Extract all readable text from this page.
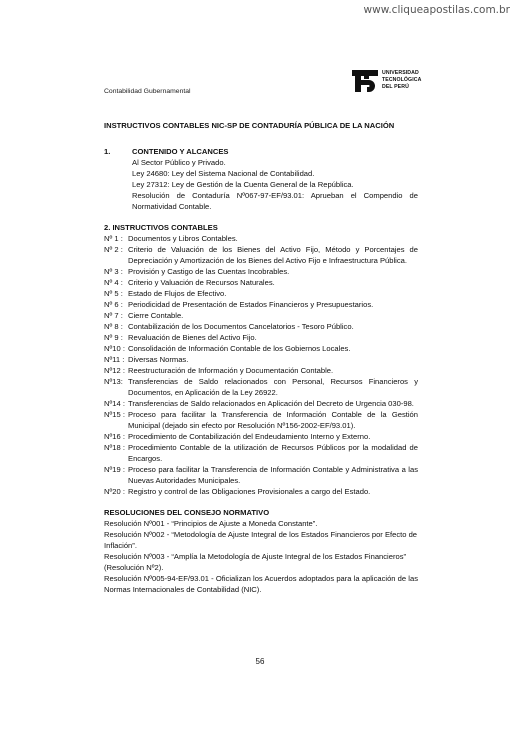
www.cliqueapostilas.com.br
Contabilidad Gubernamental
UNIVERSIDAD
TECNOLÓGICA
DEL PERÚ
INSTRUCTIVOS CONTABLES NIC-SP DE CONTADURÍA PÚBLICA DE LA NACIÓN
1.	CONTENIDO Y ALCANCES
Al Sector Público y Privado.
Ley 24680: Ley del Sistema Nacional de Contabilidad.
Ley 27312: Ley de Gestión de la Cuenta General de la República.
Resolución de Contaduría Nº067-97-EF/93.01: Aprueban el Compendio de Normatividad Contable.
2. INSTRUCTIVOS CONTABLES
Nº 1 : Documentos y Libros Contables.
Nº 2 : Criterio de Valuación de los Bienes del Activo Fijo, Método y Porcentajes de Depreciación y Amortización de los Bienes del Activo Fijo e Infraestructura Pública.
Nº 3 : Provisión y Castigo de las Cuentas Incobrables.
Nº 4 : Criterio y Valuación de Recursos Naturales.
Nº 5 : Estado de Flujos de Efectivo.
Nº 6 : Periodicidad de Presentación de Estados Financieros y Presupuestarios.
Nº 7 : Cierre Contable.
Nº 8 : Contabilización de los Documentos Cancelatorios - Tesoro Público.
Nº 9 : Revaluación de Bienes del Activo Fijo.
Nº10 : Consolidación de Información Contable de los Gobiernos Locales.
Nº11 : Diversas Normas.
Nº12 : Reestructuración de Información y Documentación Contable.
Nº13: Transferencias de Saldo relacionados con Personal, Recursos Financieros y Documentos, en Aplicación de la Ley 26922.
Nº14 : Transferencias de Saldo relacionados en Aplicación del Decreto de Urgencia 030-98.
Nº15 : Proceso para facilitar la Transferencia de Información Contable de la Gestión Municipal (dejado sin efecto por Resolución Nº156-2002-EF/93.01).
Nº16 : Procedimiento de Contabilización del Endeudamiento Interno y Externo.
Nº18 : Procedimiento Contable de la utilización de Recursos Públicos por la modalidad de Encargos.
Nº19 : Proceso para facilitar la Transferencia de Información Contable y Administrativa a las Nuevas Autoridades Municipales.
Nº20 : Registro y control de las Obligaciones Provisionales a cargo del Estado.
RESOLUCIONES DEL CONSEJO NORMATIVO

Resolución Nº001 - “Principios de Ajuste a Moneda Constante”.

Resolución Nº002 - “Metodología de Ajuste Integral de los Estados Financieros por Efecto de Inflación”.

Resolución Nº003 - “Amplía la Metodología de Ajuste Integral de los Estados Financieros” (Resolución Nº2).

Resolución Nº005-94-EF/93.01 - Oficializan los Acuerdos adoptados para la aplicación de las Normas Internacionales de Contabilidad (NIC).

56
